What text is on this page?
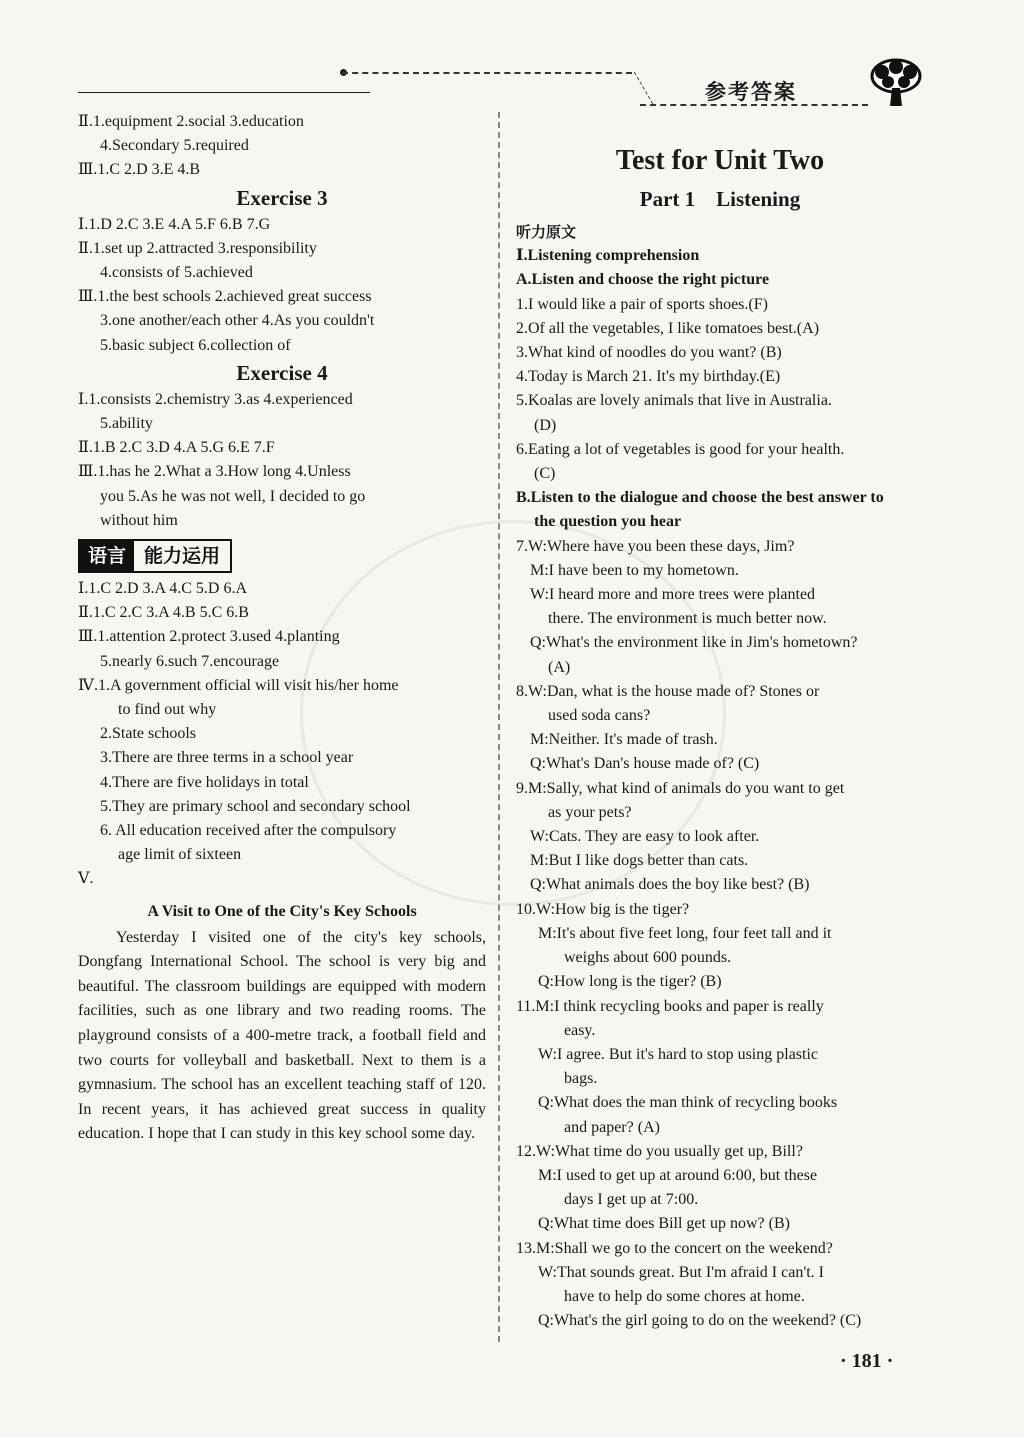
参考答案
Ⅱ.1.equipment 2.social 3.education
4.Secondary 5.required
Ⅲ.1.C 2.D 3.E 4.B
Exercise 3
Ⅰ.1.D 2.C 3.E 4.A 5.F 6.B 7.G
Ⅱ.1.set up 2.attracted 3.responsibility
4.consists of 5.achieved
Ⅲ.1.the best schools 2.achieved great success
3.one another/each other 4.As you couldn't
5.basic subject 6.collection of
Exercise 4
Ⅰ.1.consists 2.chemistry 3.as 4.experienced
5.ability
Ⅱ.1.B 2.C 3.D 4.A 5.G 6.E 7.F
Ⅲ.1.has he 2.What a 3.How long 4.Unless
you 5.As he was not well, I decided to go
without him
语言 能力运用
Ⅰ.1.C 2.D 3.A 4.C 5.D 6.A
Ⅱ.1.C 2.C 3.A 4.B 5.C 6.B
Ⅲ.1.attention 2.protect 3.used 4.planting
5.nearly 6.such 7.encourage
Ⅳ.1.A government official will visit his/her home
to find out why
2.State schools
3.There are three terms in a school year
4.There are five holidays in total
5.They are primary school and secondary school
6. All education received after the compulsory
age limit of sixteen
Ⅴ.
A Visit to One of the City's Key Schools

Yesterday I visited one of the city's key schools, Dongfang International School. The school is very big and beautiful. The classroom buildings are equipped with modern facilities, such as one library and two reading rooms. The playground consists of a 400-metre track, a football field and two courts for volleyball and basketball. Next to them is a gymnasium. The school has an excellent teaching staff of 120. In recent years, it has achieved great success in quality education. I hope that I can study in this key school some day.

Test for Unit Two
Part 1    Listening
听力原文
Ⅰ.Listening comprehension
A.Listen and choose the right picture
1.I would like a pair of sports shoes.(F)
2.Of all the vegetables, I like tomatoes best.(A)
3.What kind of noodles do you want? (B)
4.Today is March 21. It's my birthday.(E)
5.Koalas are lovely animals that live in Australia.
(D)
6.Eating a lot of vegetables is good for your health.
(C)
B.Listen to the dialogue and choose the best answer to
the question you hear
7.W:Where have you been these days, Jim?
M:I have been to my hometown.
W:I heard more and more trees were planted
there. The environment is much better now.
Q:What's the environment like in Jim's hometown?
(A)
8.W:Dan, what is the house made of? Stones or
used soda cans?
M:Neither. It's made of trash.
Q:What's Dan's house made of? (C)
9.M:Sally, what kind of animals do you want to get
as your pets?
W:Cats. They are easy to look after.
M:But I like dogs better than cats.
Q:What animals does the boy like best? (B)
10.W:How big is the tiger?
M:It's about five feet long, four feet tall and it
weighs about 600 pounds.
Q:How long is the tiger? (B)
11.M:I think recycling books and paper is really
easy.
W:I agree. But it's hard to stop using plastic
bags.
Q:What does the man think of recycling books
and paper? (A)
12.W:What time do you usually get up, Bill?
M:I used to get up at around 6:00, but these
days I get up at 7:00.
Q:What time does Bill get up now? (B)
13.M:Shall we go to the concert on the weekend?
W:That sounds great. But I'm afraid I can't. I
have to help do some chores at home.
Q:What's the girl going to do on the weekend? (C)
· 181 ·
